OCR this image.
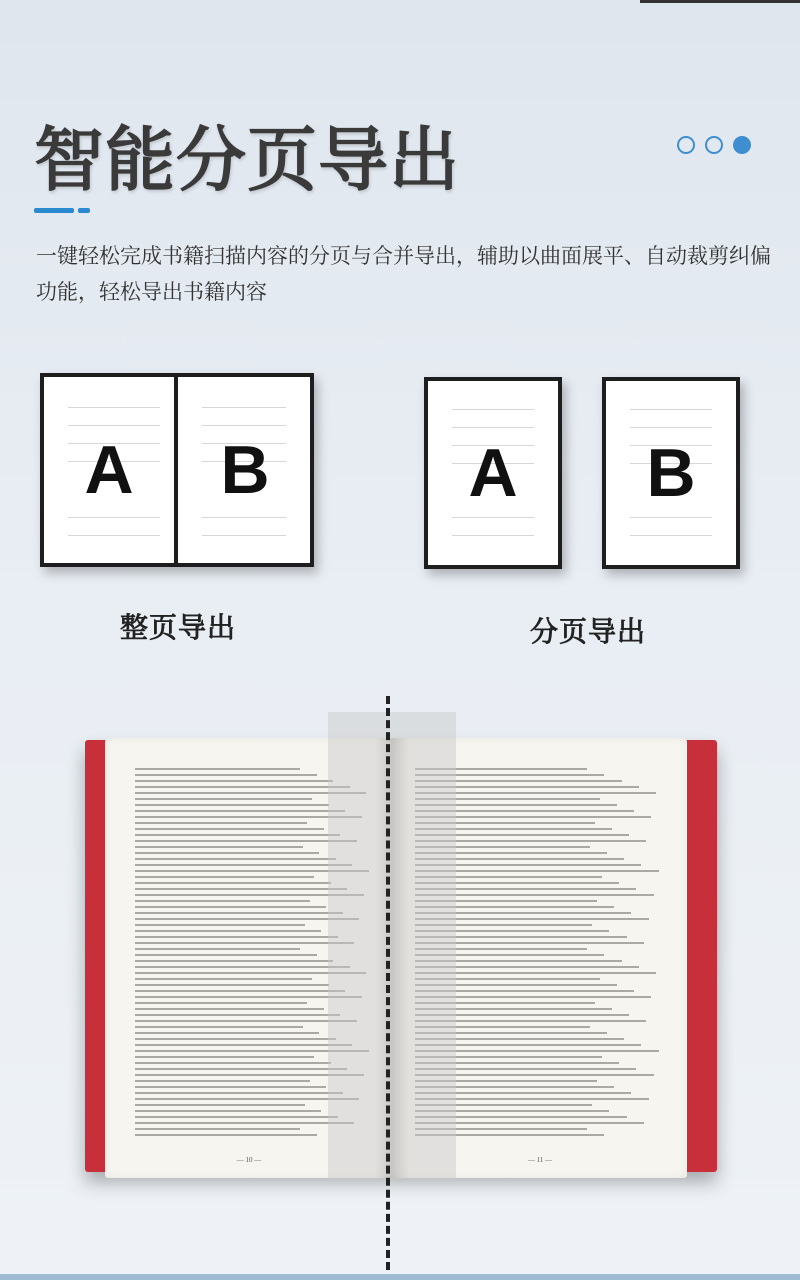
智能分页导出

一键轻松完成书籍扫描内容的分页与合并导出，辅助以曲面展平、自动裁剪纠偏功能，轻松导出书籍内容

A	B
整页导出
A	B
分页导出
— 10 —	— 11 —
